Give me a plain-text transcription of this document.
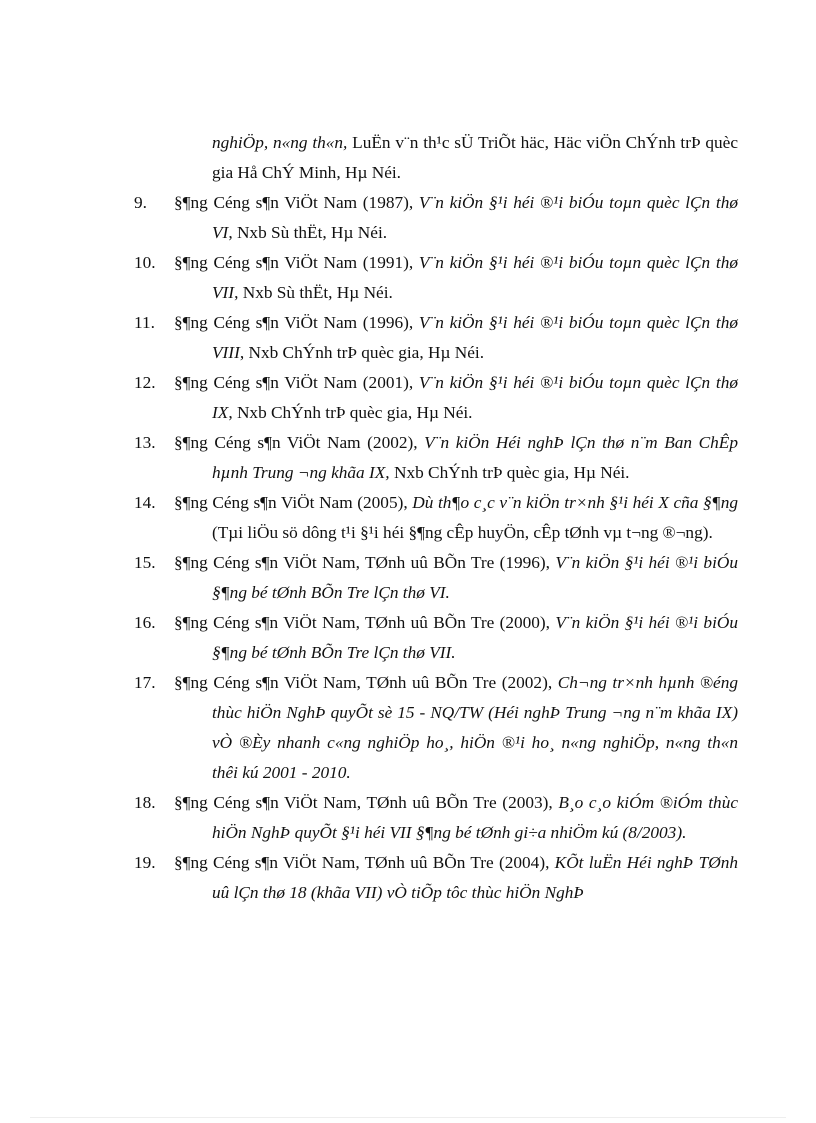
nghiÖp, n«ng th«n, LuËn v¨n th¹c sÜ TriÕt häc, Häc viÖn ChÝnh trÞ quèc gia Hå ChÝ Minh, Hµ Néi.
9. §¶ng Céng s¶n ViÖt Nam (1987), V¨n kiÖn §¹i héi ®¹i biÓu toµn quèc lÇn thø VI, Nxb Sù thËt, Hµ Néi.
10. §¶ng Céng s¶n ViÖt Nam (1991), V¨n kiÖn §¹i héi ®¹i biÓu toµn quèc lÇn thø VII, Nxb Sù thËt, Hµ Néi.
11. §¶ng Céng s¶n ViÖt Nam (1996), V¨n kiÖn §¹i héi ®¹i biÓu toµn quèc lÇn thø VIII, Nxb ChÝnh trÞ quèc gia, Hµ Néi.
12. §¶ng Céng s¶n ViÖt Nam (2001), V¨n kiÖn §¹i héi ®¹i biÓu toµn quèc lÇn thø IX, Nxb ChÝnh trÞ quèc gia, Hµ Néi.
13. §¶ng Céng s¶n ViÖt Nam (2002), V¨n kiÖn Héi nghÞ lÇn thø n¨m Ban ChÊp hµnh Trung ¬ng khãa IX, Nxb ChÝnh trÞ quèc gia, Hµ Néi.
14. §¶ng Céng s¶n ViÖt Nam (2005), Dù th¶o c¸c v¨n kiÖn tr×nh §¹i héi X cña §¶ng (Tµi liÖu sö dông t¹i §¹i héi §¶ng cÊp huyÖn, cÊp tØnh vµ t¬ng ®¬ng).
15. §¶ng Céng s¶n ViÖt Nam, TØnh uû BÕn Tre (1996), V¨n kiÖn §¹i héi ®¹i biÓu §¶ng bé tØnh BÕn Tre lÇn thø VI.
16. §¶ng Céng s¶n ViÖt Nam, TØnh uû BÕn Tre (2000), V¨n kiÖn §¹i héi ®¹i biÓu §¶ng bé tØnh BÕn Tre lÇn thø VII.
17. §¶ng Céng s¶n ViÖt Nam, TØnh uû BÕn Tre (2002), Ch¬ng tr×nh hµnh ®éng thùc hiÖn NghÞ quyÕt sè 15 - NQ/TW (Héi nghÞ Trung ¬ng n¨m khãa IX) vÒ ®Èy nhanh c«ng nghiÖp ho¸, hiÖn ®¹i ho¸ n«ng nghiÖp, n«ng th«n thêi kú 2001 - 2010.
18. §¶ng Céng s¶n ViÖt Nam, TØnh uû BÕn Tre (2003), B¸o c¸o kiÓm ®iÓm thùc hiÖn NghÞ quyÕt §¹i héi VII §¶ng bé tØnh gi÷a nhiÖm kú (8/2003).
19. §¶ng Céng s¶n ViÖt Nam, TØnh uû BÕn Tre (2004), KÕt luËn Héi nghÞ TØnh uû lÇn thø 18 (khãa VII) vÒ tiÕp tôc thùc hiÖn NghÞ
